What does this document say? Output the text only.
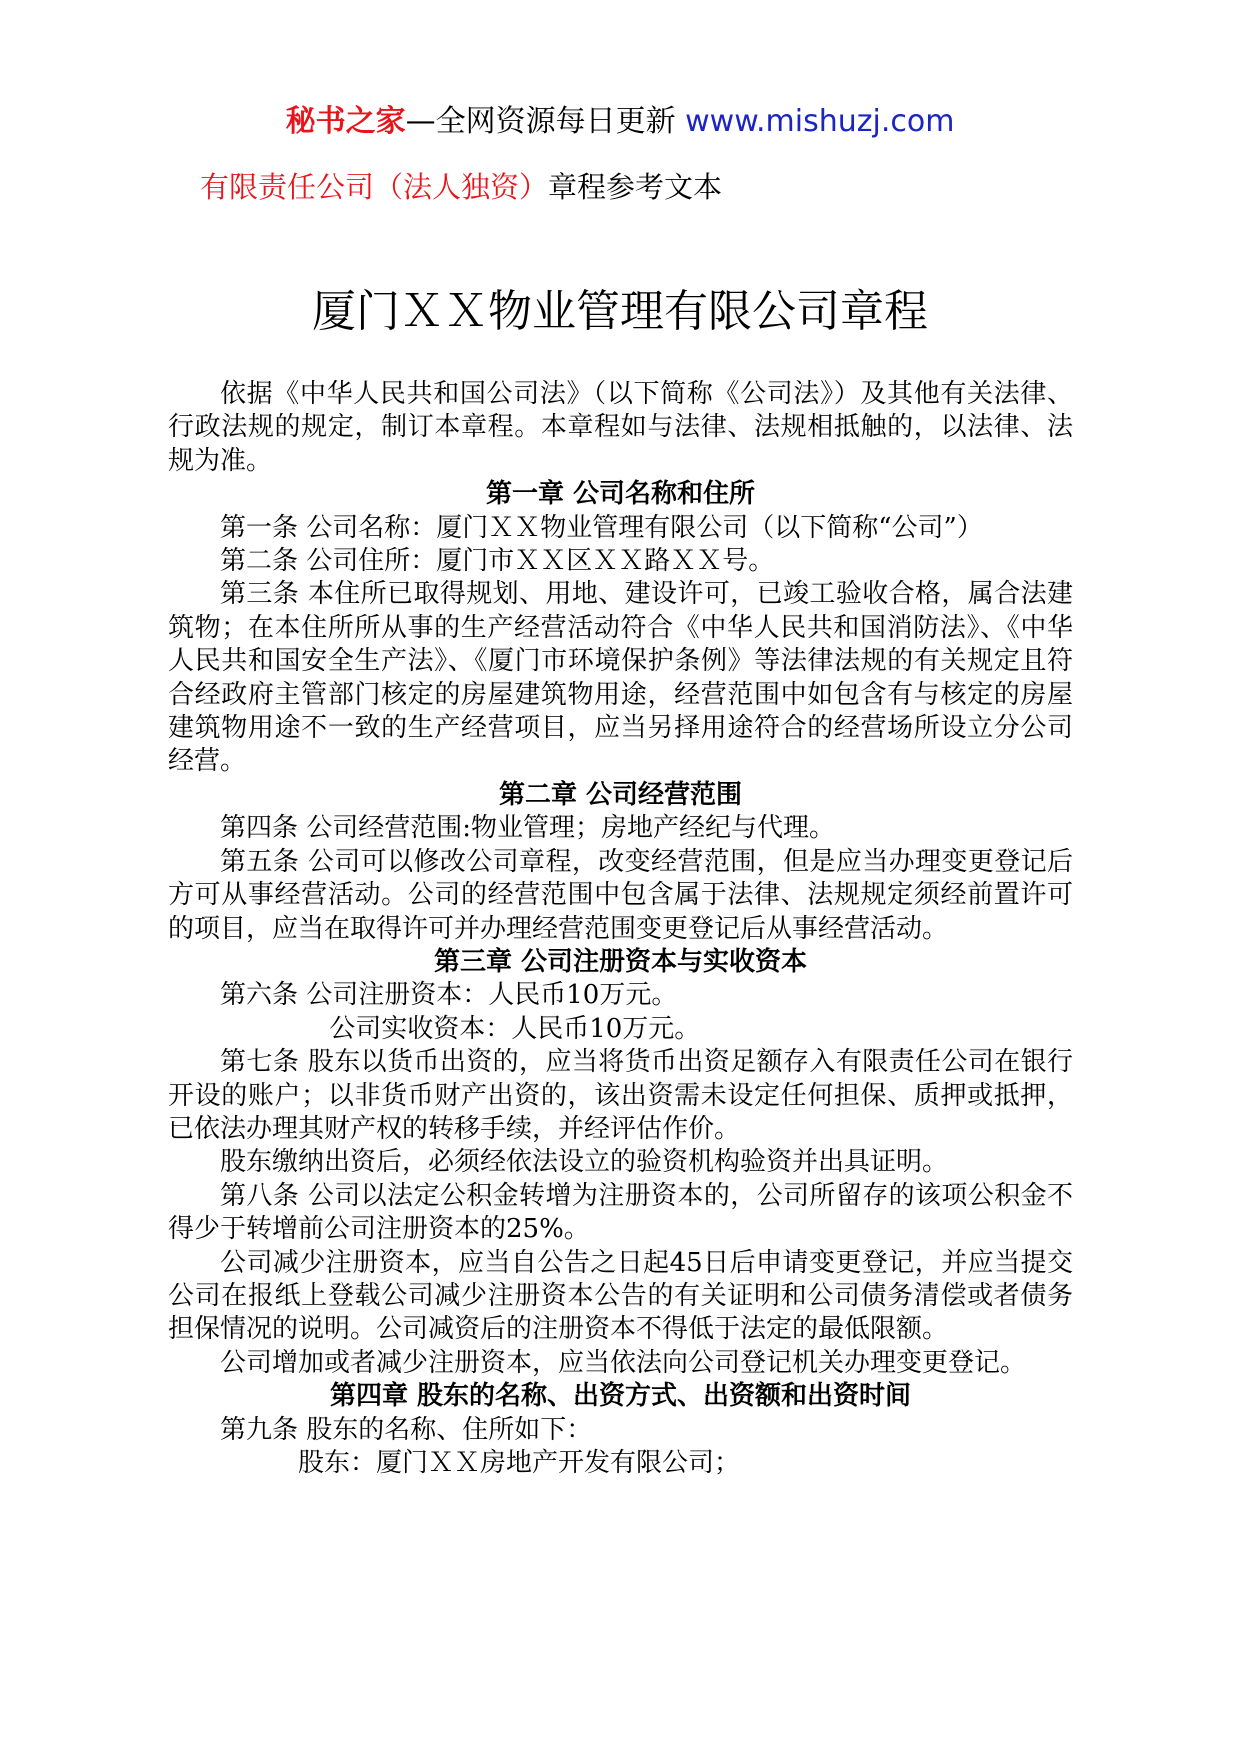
秘书之家—全网资源每日更新 www.mishuzj.com
有限责任公司（法人独资）章程参考文本
厦门ＸＸ物业管理有限公司章程

依据《中华人民共和国公司法》（以下简称《公司法》）及其他有关法律、行政法规的规定，制订本章程。本章程如与法律、法规相抵触的，以法律、法规为准。

第一章 公司名称和住所

第一条 公司名称：厦门ＸＸ物业管理有限公司（以下简称“公司”）

第二条 公司住所：厦门市ＸＸ区ＸＸ路ＸＸ号。

第三条 本住所已取得规划、用地、建设许可，已竣工验收合格，属合法建筑物；在本住所所从事的生产经营活动符合《中华人民共和国消防法》、《中华人民共和国安全生产法》、《厦门市环境保护条例》等法律法规的有关规定且符合经政府主管部门核定的房屋建筑物用途，经营范围中如包含有与核定的房屋建筑物用途不一致的生产经营项目，应当另择用途符合的经营场所设立分公司经营。

第二章 公司经营范围

第四条 公司经营范围:物业管理；房地产经纪与代理。

第五条 公司可以修改公司章程，改变经营范围，但是应当办理变更登记后方可从事经营活动。公司的经营范围中包含属于法律、法规规定须经前置许可的项目，应当在取得许可并办理经营范围变更登记后从事经营活动。

第三章 公司注册资本与实收资本

第六条 公司注册资本：人民币10万元。

公司实收资本：人民币10万元。

第七条 股东以货币出资的，应当将货币出资足额存入有限责任公司在银行开设的账户；以非货币财产出资的，该出资需未设定任何担保、质押或抵押，已依法办理其财产权的转移手续，并经评估作价。

股东缴纳出资后，必须经依法设立的验资机构验资并出具证明。

第八条 公司以法定公积金转增为注册资本的，公司所留存的该项公积金不得少于转增前公司注册资本的25%。

公司减少注册资本，应当自公告之日起45日后申请变更登记，并应当提交公司在报纸上登载公司减少注册资本公告的有关证明和公司债务清偿或者债务担保情况的说明。公司减资后的注册资本不得低于法定的最低限额。

公司增加或者减少注册资本，应当依法向公司登记机关办理变更登记。

第四章 股东的名称、出资方式、出资额和出资时间

第九条 股东的名称、住所如下：

股东：厦门ＸＸ房地产开发有限公司；
